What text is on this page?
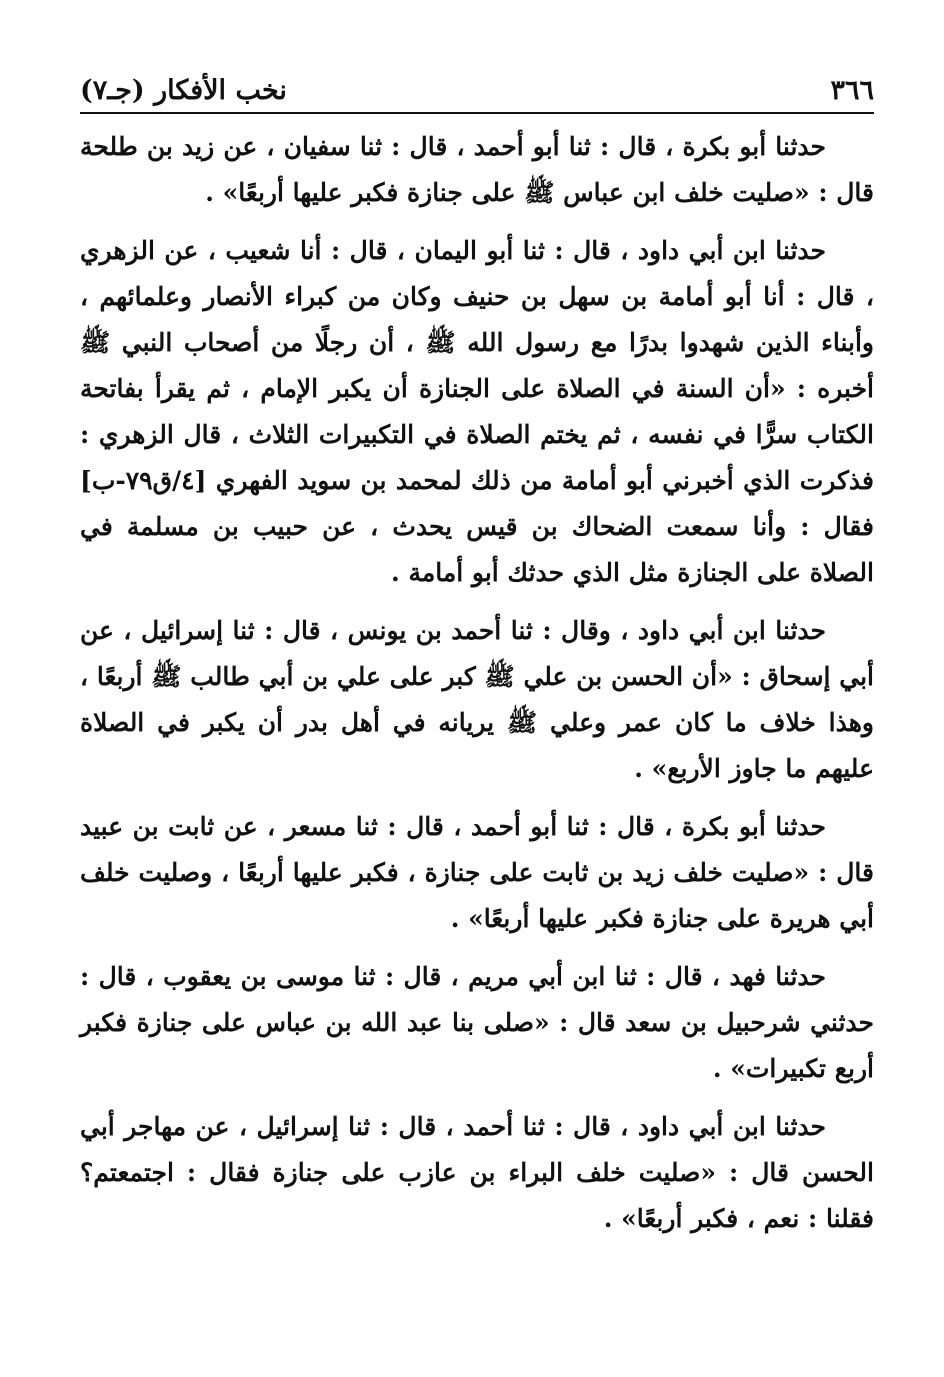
٣٦٦
نخب الأفكار (جـ٧)

حدثنا أبو بكرة ، قال : ثنا أبو أحمد ، قال : ثنا سفيان ، عن زيد بن طلحة قال : «صليت خلف ابن عباس ﷺ على جنازة فكبر عليها أربعًا» .

حدثنا ابن أبي داود ، قال : ثنا أبو اليمان ، قال : أنا شعيب ، عن الزهري ، قال : أنا أبو أمامة بن سهل بن حنيف وكان من كبراء الأنصار وعلمائهم ، وأبناء الذين شهدوا بدرًا مع رسول الله ﷺ ، أن رجلًا من أصحاب النبي ﷺ أخبره : «أن السنة في الصلاة على الجنازة أن يكبر الإمام ، ثم يقرأ بفاتحة الكتاب سرًّا في نفسه ، ثم يختم الصلاة في التكبيرات الثلاث ، قال الزهري : فذكرت الذي أخبرني أبو أمامة من ذلك لمحمد بن سويد الفهري [٤/ق٧٩-ب] فقال : وأنا سمعت الضحاك بن قيس يحدث ، عن حبيب بن مسلمة في الصلاة على الجنازة مثل الذي حدثك أبو أمامة .

حدثنا ابن أبي داود ، وقال : ثنا أحمد بن يونس ، قال : ثنا إسرائيل ، عن أبي إسحاق : «أن الحسن بن علي ﷺ كبر على علي بن أبي طالب ﷺ أربعًا ، وهذا خلاف ما كان عمر وعلي ﷺ يريانه في أهل بدر أن يكبر في الصلاة عليهم ما جاوز الأربع» .

حدثنا أبو بكرة ، قال : ثنا أبو أحمد ، قال : ثنا مسعر ، عن ثابت بن عبيد قال : «صليت خلف زيد بن ثابت على جنازة ، فكبر عليها أربعًا ، وصليت خلف أبي هريرة على جنازة فكبر عليها أربعًا» .

حدثنا فهد ، قال : ثنا ابن أبي مريم ، قال : ثنا موسى بن يعقوب ، قال : حدثني شرحبيل بن سعد قال : «صلى بنا عبد الله بن عباس على جنازة فكبر أربع تكبيرات» .

حدثنا ابن أبي داود ، قال : ثنا أحمد ، قال : ثنا إسرائيل ، عن مهاجر أبي الحسن قال : «صليت خلف البراء بن عازب على جنازة فقال : اجتمعتم؟ فقلنا : نعم ، فكبر أربعًا» .
